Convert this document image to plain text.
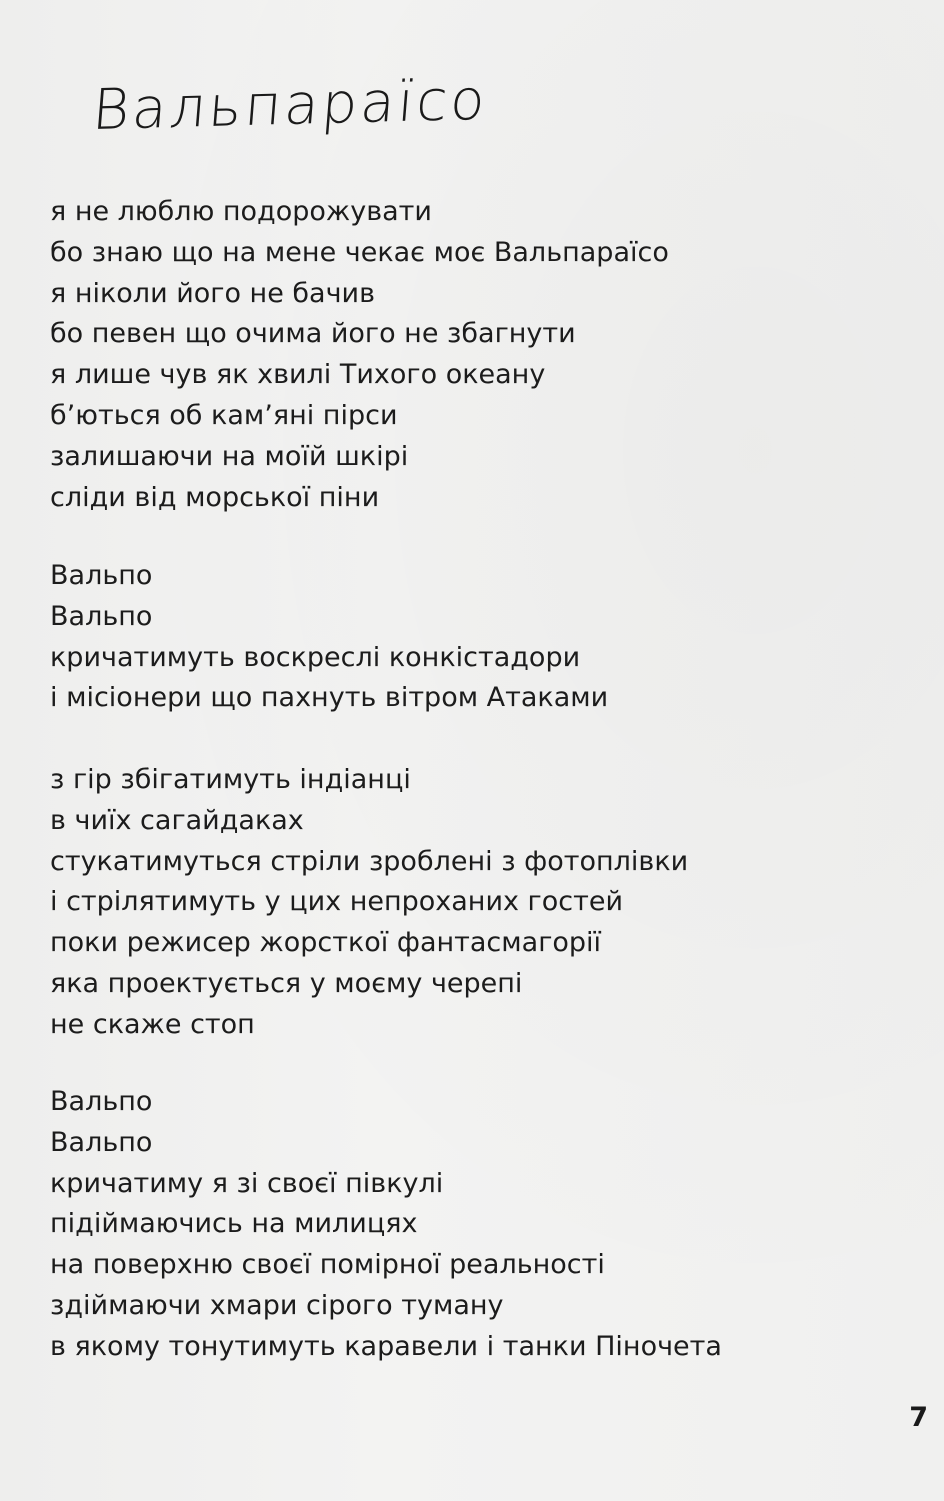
Вальпараїсо
я не люблю подорожувати
бо знаю що на мене чекає моє Вальпараїсо
я ніколи його не бачив
бо певен що очима його не збагнути
я лише чув як хвилі Тихого океану
б’ються об кам’яні пірси
залишаючи на моїй шкірі
сліди від морської піни
Вальпо
Вальпо
кричатимуть воскреслі конкістадори
і місіонери що пахнуть вітром Атаками
з гір збігатимуть індіанці
в чиїх сагайдаках
стукатимуться стріли зроблені з фотоплівки
і стрілятимуть у цих непроханих гостей
поки режисер жорсткої фантасмагорії
яка проектується у моєму черепі
не скаже стоп
Вальпо
Вальпо
кричатиму я зі своєї півкулі
підіймаючись на милицях
на поверхню своєї помірної реальності
здіймаючи хмари сірого туману
в якому тонутимуть каравели і танки Піночета
7
